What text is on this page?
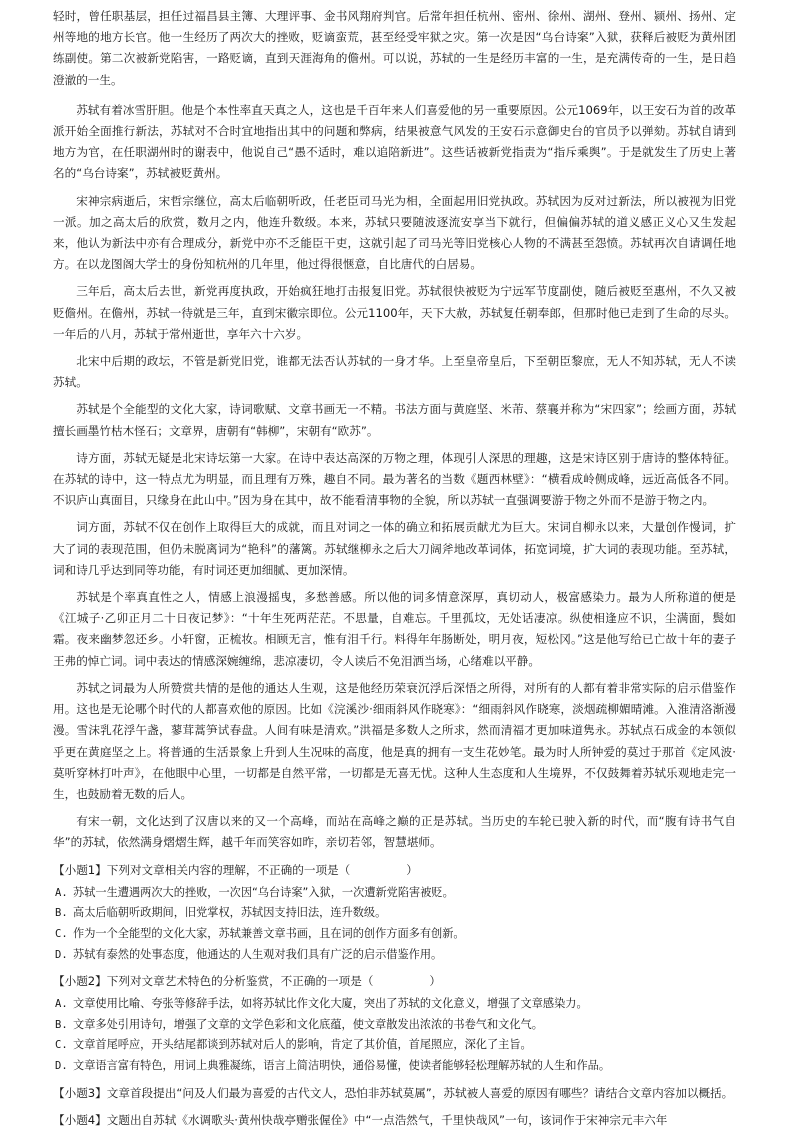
轻时，曾任职基层，担任过福昌县主簿、大理评事、金书风翔府判官。后常年担任杭州、密州、徐州、湖州、登州、颍州、扬州、定州等地的地方长官。他一生经历了两次大的挫败，贬谪蛮荒，甚至经受牢狱之灾。第一次是因“乌台诗案”入狱，获释后被贬为黄州团练副使。第二次被新党陷害，一路贬谪，直到天涯海角的儋州。可以说，苏轼的一生是经历丰富的一生，是充满传奇的一生，是日趋澄澈的一生。

苏轼有着冰雪肝胆。他是个本性率直天真之人，这也是千百年来人们喜爱他的另一重要原因。公元1069年，以王安石为首的改革派开始全面推行新法，苏轼对不合时宜地指出其中的问题和弊病，结果被意气风发的王安石示意御史台的官员予以弹劾。苏轼自请到地方为官，在任职湖州时的谢表中，他说自己“愚不适时，难以追陪新进”。这些话被新党指责为“指斥乘舆”。于是就发生了历史上著名的“乌台诗案”，苏轼被贬黄州。

宋神宗病逝后，宋哲宗继位，高太后临朝听政，任老臣司马光为相，全面起用旧党执政。苏轼因为反对过新法，所以被视为旧党一派。加之高太后的欣赏，数月之内，他连升数级。本来，苏轼只要随波逐流安享当下就行，但偏偏苏轼的道义感正义心又生发起来，他认为新法中亦有合理成分，新党中亦不乏能臣干吏，这就引起了司马光等旧党核心人物的不满甚至怨愤。苏轼再次自请调任地方。在以龙图阁大学士的身份知杭州的几年里，他过得很惬意，自比唐代的白居易。

三年后，高太后去世，新党再度执政，开始疯狂地打击报复旧党。苏轼很快被贬为宁远军节度副使，随后被贬至惠州，不久又被贬儋州。在儋州，苏轼一待就是三年，直到宋徽宗即位。公元1100年，天下大赦，苏轼复任朝奉郎，但那时他已走到了生命的尽头。一年后的八月，苏轼于常州逝世，享年六十六岁。

北宋中后期的政坛，不管是新党旧党，谁都无法否认苏轼的一身才华。上至皇帝皇后，下至朝臣黎庶，无人不知苏轼，无人不读苏轼。

苏轼是个全能型的文化大家，诗词歌赋、文章书画无一不精。书法方面与黄庭坚、米芾、蔡襄并称为“宋四家”；绘画方面，苏轼擅长画墨竹枯木怪石；文章界，唐朝有“韩柳”，宋朝有“欧苏”。

诗方面，苏轼无疑是北宋诗坛第一大家。在诗中表达高深的万物之理，体现引人深思的理趣，这是宋诗区别于唐诗的整体特征。在苏轼的诗中，这一特点尤为明显，而且理有万殊，趣自不同。最为著名的当数《题西林壁》：“横看成岭侧成峰，远近高低各不同。不识庐山真面目，只缘身在此山中。”因为身在其中，故不能看清事物的全貌，所以苏轼一直强调要游于物之外而不是游于物之内。

词方面，苏轼不仅在创作上取得巨大的成就，而且对词之一体的确立和拓展贡献尤为巨大。宋词自柳永以来，大量创作慢词，扩大了词的表现范围，但仍未脱离词为“艳科”的藩篱。苏轼继柳永之后大刀阔斧地改革词体，拓宽词境，扩大词的表现功能。至苏轼，词和诗几乎达到同等功能，有时词还更加细腻、更加深情。

苏轼是个率真直性之人，情感上浪漫摇曳，多愁善感。所以他的词多情意深厚，真切动人，极富感染力。最为人所称道的便是《江城子·乙卯正月二十日夜记梦》：“十年生死两茫茫。不思量，自难忘。千里孤坟，无处话凄凉。纵使相逢应不识，尘满面，鬓如霜。夜来幽梦忽还乡。小轩窗，正梳妆。相顾无言，惟有泪千行。料得年年肠断处，明月夜，短松冈。”这是他写给已亡故十年的妻子王弗的悼亡词。词中表达的情感深婉缠绵，悲凉凄切，令人读后不免泪洒当场，心绪难以平静。

苏轼之词最为人所赞赏共情的是他的通达人生观，这是他经历荣衰沉浮后深悟之所得，对所有的人都有着非常实际的启示借鉴作用。这也是无论哪个时代的人都喜欢他的原因。比如《浣溪沙·细雨斜风作晓寒》：“细雨斜风作晓寒，淡烟疏柳媚晴滩。入淮清洛渐漫漫。雪沫乳花浮午盏，蓼茸蒿笋试春盘。人间有味是清欢。”洪福是多数人之所求，然而清福才更加味道隽永。苏轼点石成金的本领似乎更在黄庭坚之上。将普通的生活景象上升到人生况味的高度，他是真的拥有一支生花妙笔。最为时人所钟爱的莫过于那首《定风波·莫听穿林打叶声》，在他眼中心里，一切都是自然平常，一切都是无喜无忧。这种人生态度和人生境界，不仅鼓舞着苏轼乐观地走完一生，也鼓励着无数的后人。

有宋一朝，文化达到了汉唐以来的又一个高峰，而站在高峰之巅的正是苏轼。当历史的车轮已驶入新的时代，而“腹有诗书气自华”的苏轼，依然满身熠熠生辉，越千年而笑容如昨，亲切若邻，智慧堪师。

【小题1】下列对文章相关内容的理解，不正确的一项是（	）

A. 苏轼一生遭遇两次大的挫败，一次因“乌台诗案”入狱，一次遭新党陷害被贬。

B. 高太后临朝听政期间，旧党掌权，苏轼因支持旧法，连升数级。

C. 作为一个全能型的文化大家，苏轼兼善文章书画，且在词的创作方面多有创新。

D. 苏轼有泰然的处事态度，他通达的人生观对我们具有广泛的启示借鉴作用。

【小题2】下列对文章艺术特色的分析鉴赏，不正确的一项是（	）

A. 文章使用比喻、夸张等修辞手法，如将苏轼比作文化大廈，突出了苏轼的文化意义，增强了文章感染力。

B. 文章多处引用诗句，增强了文章的文学色彩和文化底蕴，使文章散发出浓浓的书卷气和文化气。

C. 文章首尾呼应，开头结尾都谈到苏轼对后人的影响，肯定了其价值，首尾照应，深化了主旨。

D. 文章语言富有特色，用词上典雅凝练，语言上简洁明快，通俗易懂，使读者能够轻松理解苏轼的人生和作品。

【小题3】文章首段提出“问及人们最为喜爱的古代文人，恐怕非苏轼莫属”，苏轼被人喜爱的原因有哪些？请结合文章内容加以概括。

【小题4】文题出自苏轼《水调歌头·黄州快哉亭赠张偓佺》中“一点浩然气，千里快哉风”一句，该词作于宋神宗元丰六年
